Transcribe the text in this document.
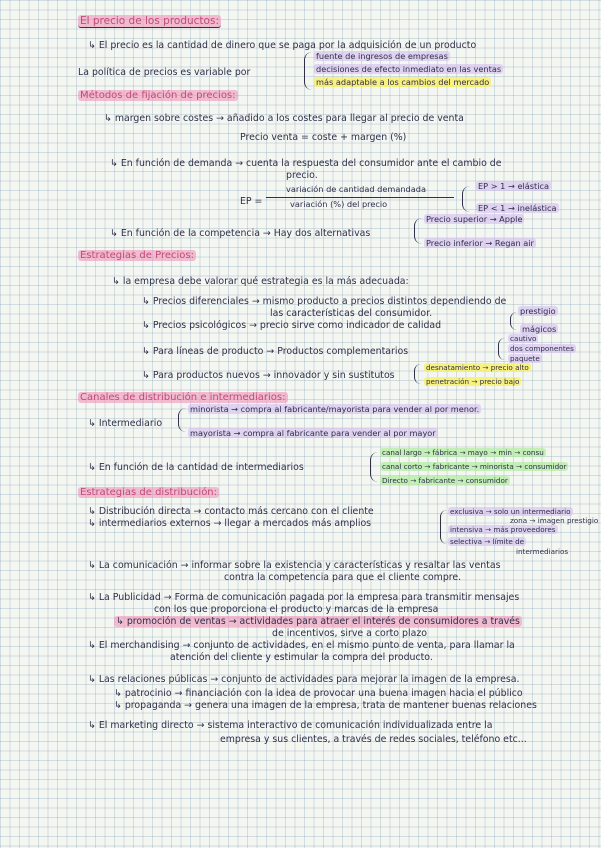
El precio de los productos:
↳ El precio es la cantidad de dinero que se paga por la adquisición de un producto
La política de precios es variable por
fuente de ingresos de empresas
decisiones de efecto inmediato en las ventas
más adaptable a los cambios del mercado
Métodos de fijación de precios:
↳ margen sobre costes → añadido a los costes para llegar al precio de venta
Precio venta = coste + margen (%)
↳ En función de demanda → cuenta la respuesta del consumidor ante el cambio de
precio.
EP =
variación de cantidad demandada
variación (%) del precio
EP > 1 → elástica
EP < 1 → inelástica
↳ En función de la competencia → Hay dos alternativas
Precio superior → Apple
Precio inferior → Regan air
Estrategias de Precios:
↳ la empresa debe valorar qué estrategia es la más adecuada:
↳ Precios diferenciales → mismo producto a precios distintos dependiendo de
las características del consumidor.
↳ Precios psicológicos → precio sirve como indicador de calidad
prestigio
mágicos
↳ Para líneas de producto → Productos complementarios
cautivo
dos componentes
paquete
↳ Para productos nuevos → innovador y sin sustitutos
desnatamiento → precio alto
penetración → precio bajo
Canales de distribución e intermediarios:
↳ Intermediario
minorista → compra al fabricante/mayorista para vender al por menor.
mayorista → compra al fabricante para vender al por mayor
↳ En función de la cantidad de intermediarios
canal largo → fábrica → mayo → min → consu
canal corto → fabricante → minorista → consumidor
Directo → fabricante → consumidor
Estrategias de distribución:
↳ Distribución directa → contacto más cercano con el cliente
↳ intermediarios externos → llegar a mercados más amplios
exclusiva → solo un intermediario
zona → imagen prestigio
intensiva → más proveedores
selectiva → límite de
intermediarios
↳ La comunicación → informar sobre la existencia y características y resaltar las ventas
contra la competencia para que el cliente compre.
↳ La Publicidad → Forma de comunicación pagada por la empresa para transmitir mensajes
con los que proporciona el producto y marcas de la empresa
↳ promoción de ventas → actividades para atraer el interés de consumidores a través
de incentivos, sirve a corto plazo
↳ El merchandising → conjunto de actividades, en el mismo punto de venta, para llamar la
atención del cliente y estimular la compra del producto.
↳ Las relaciones públicas → conjunto de actividades para mejorar la imagen de la empresa.
↳ patrocinio → financiación con la idea de provocar una buena imagen hacia el público
↳ propaganda → genera una imagen de la empresa, trata de mantener buenas relaciones
↳ El marketing directo → sistema interactivo de comunicación individualizada entre la
empresa y sus clientes, a través de redes sociales, teléfono etc...
